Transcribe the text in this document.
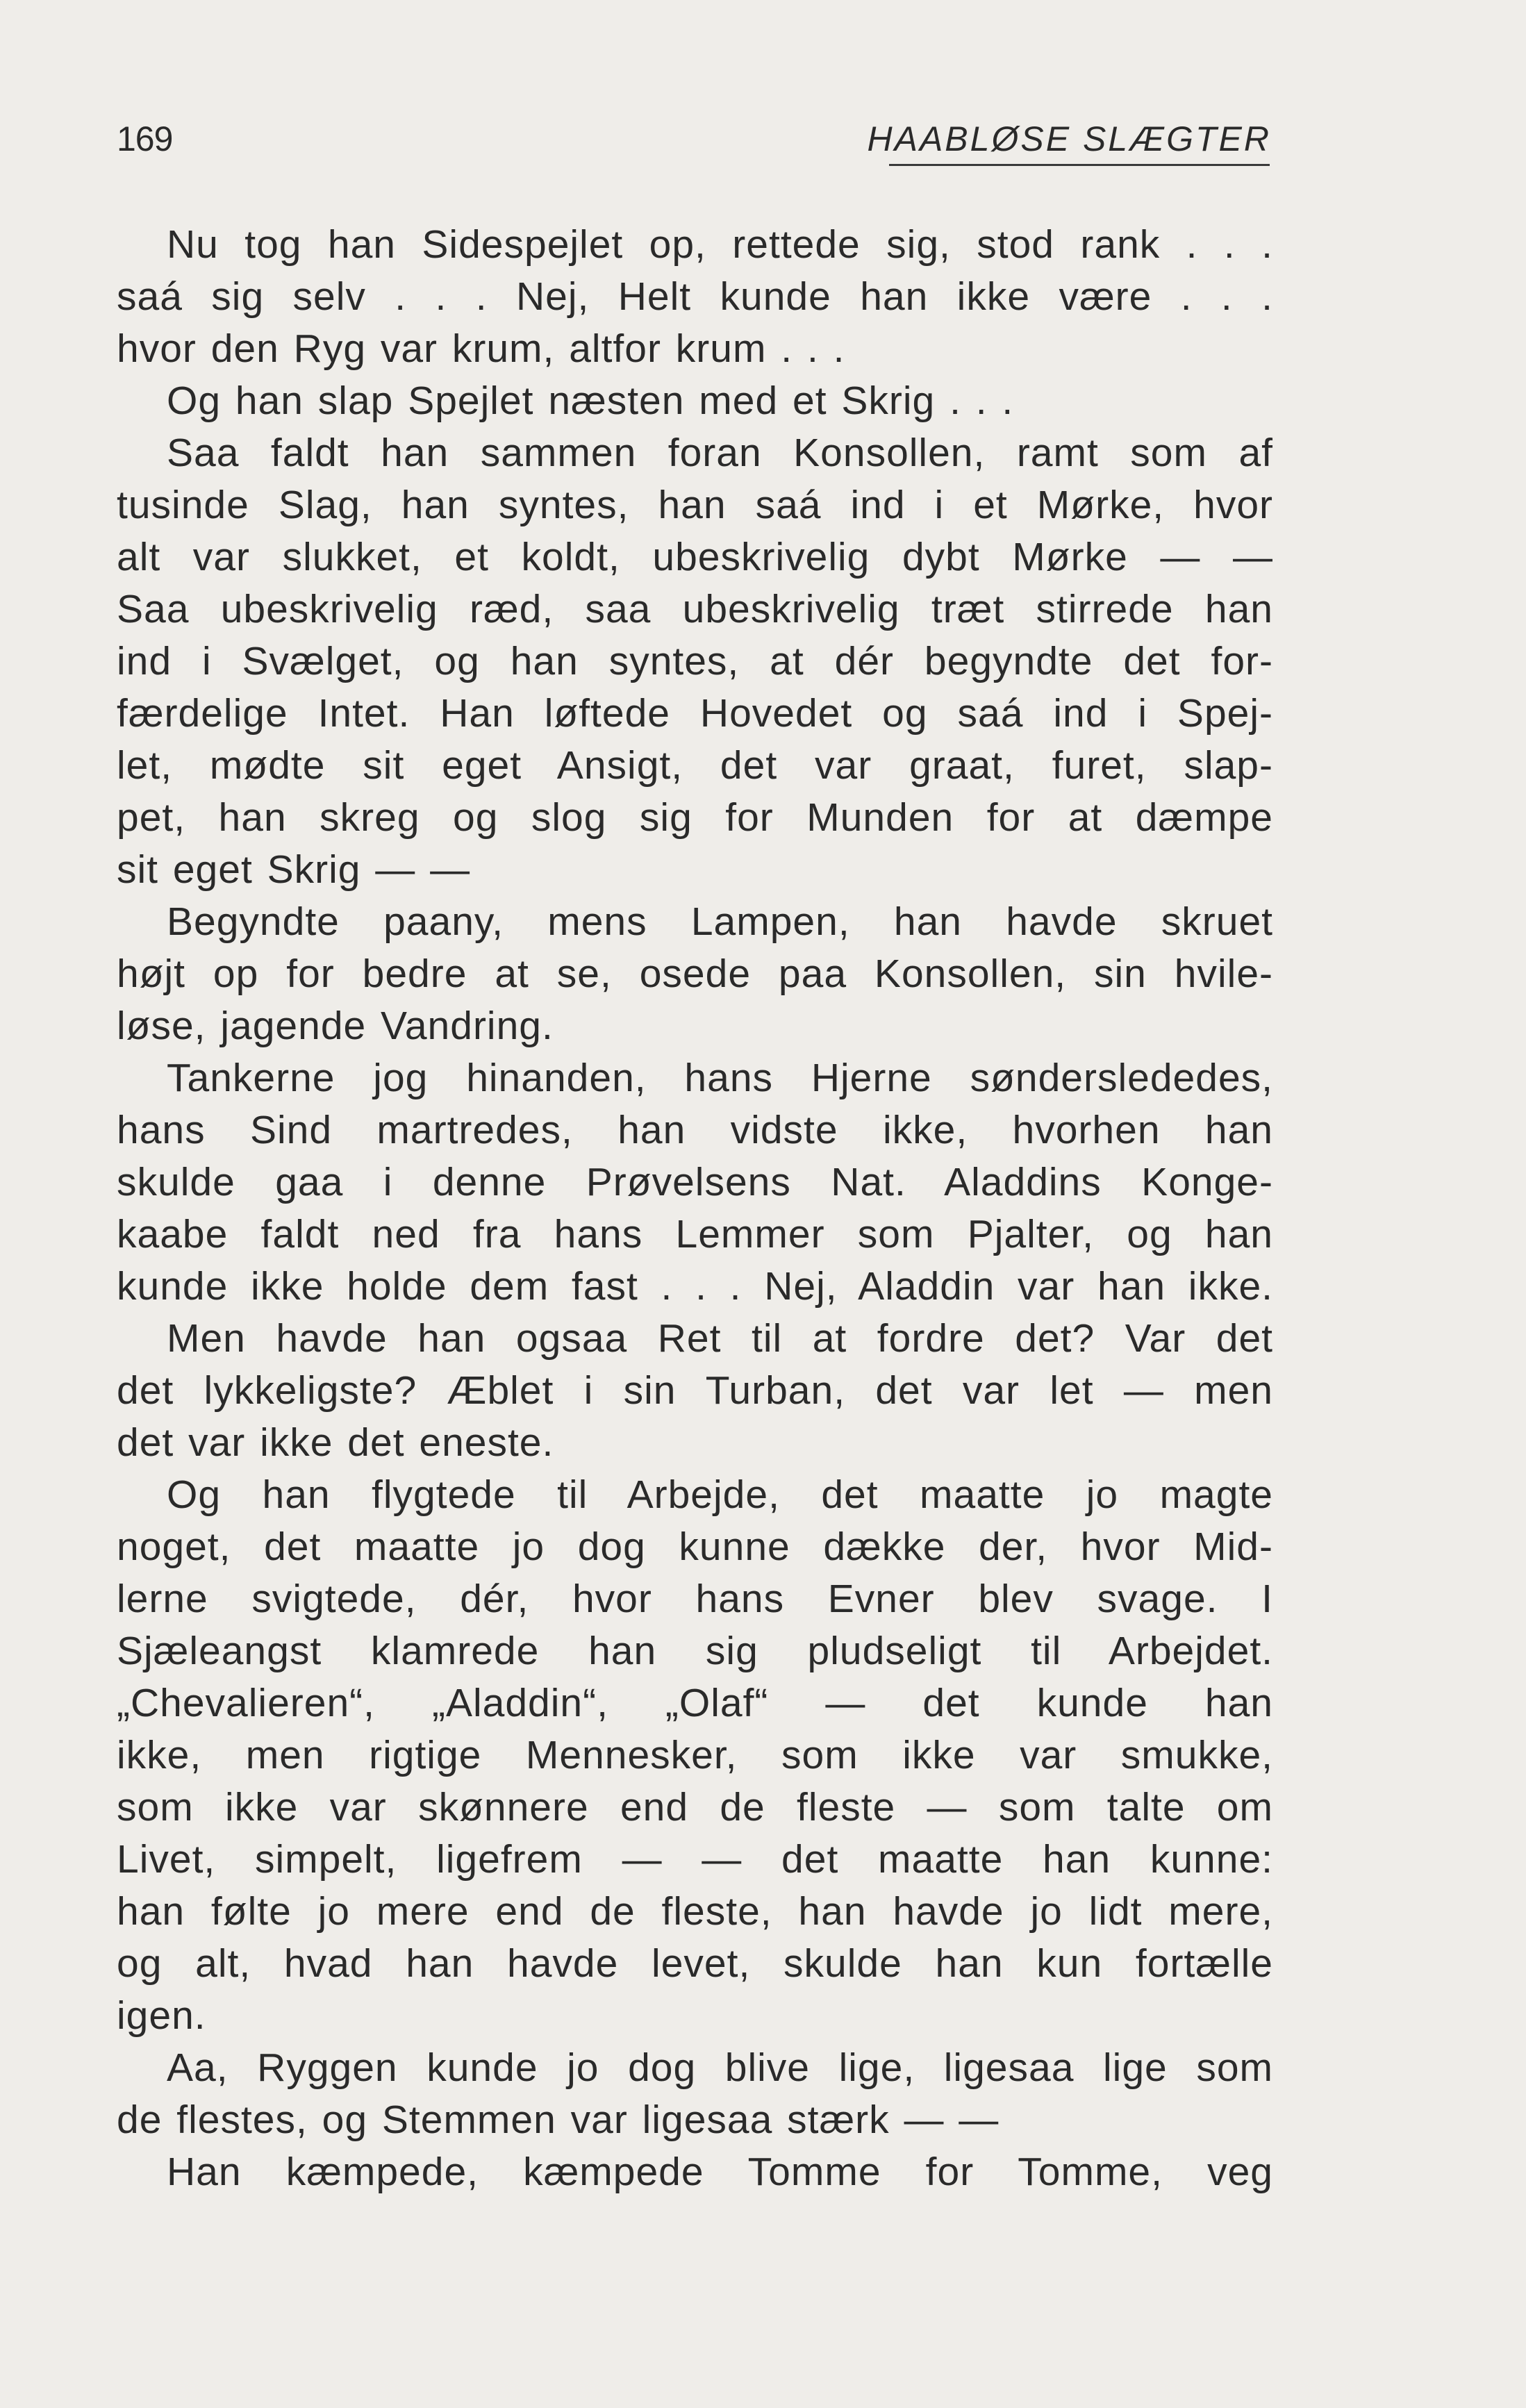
169	HAABLØSE SLÆGTER
Nu tog han Sidespejlet op, rettede sig, stod rank . . .
saá sig selv . . . Nej, Helt kunde han ikke være . . .
hvor den Ryg var krum, altfor krum . . .
Og han slap Spejlet næsten med et Skrig . . .
Saa faldt han sammen foran Konsollen, ramt som af
tusinde Slag, han syntes, han saá ind i et Mørke, hvor
alt var slukket, et koldt, ubeskrivelig dybt Mørke — —
Saa ubeskrivelig ræd, saa ubeskrivelig træt stirrede han
ind i Svælget, og han syntes, at dér begyndte det for-
færdelige Intet. Han løftede Hovedet og saá ind i Spej-
let, mødte sit eget Ansigt, det var graat, furet, slap-
pet, han skreg og slog sig for Munden for at dæmpe
sit eget Skrig — —
Begyndte paany, mens Lampen, han havde skruet
højt op for bedre at se, osede paa Konsollen, sin hvile-
løse, jagende Vandring.
Tankerne jog hinanden, hans Hjerne sønderslededes,
hans Sind martredes, han vidste ikke, hvorhen han
skulde gaa i denne Prøvelsens Nat. Aladdins Konge-
kaabe faldt ned fra hans Lemmer som Pjalter, og han
kunde ikke holde dem fast . . . Nej, Aladdin var han ikke.
Men havde han ogsaa Ret til at fordre det? Var det
det lykkeligste? Æblet i sin Turban, det var let — men
det var ikke det eneste.
Og han flygtede til Arbejde, det maatte jo magte
noget, det maatte jo dog kunne dække der, hvor Mid-
lerne svigtede, dér, hvor hans Evner blev svage. I
Sjæleangst klamrede han sig pludseligt til Arbejdet.
„Chevalieren“, „Aladdin“, „Olaf“ — det kunde han
ikke, men rigtige Mennesker, som ikke var smukke,
som ikke var skønnere end de fleste — som talte om
Livet, simpelt, ligefrem — — det maatte han kunne:
han følte jo mere end de fleste, han havde jo lidt mere,
og alt, hvad han havde levet, skulde han kun fortælle
igen.
Aa, Ryggen kunde jo dog blive lige, ligesaa lige som
de flestes, og Stemmen var ligesaa stærk — —
Han kæmpede, kæmpede Tomme for Tomme, veg
